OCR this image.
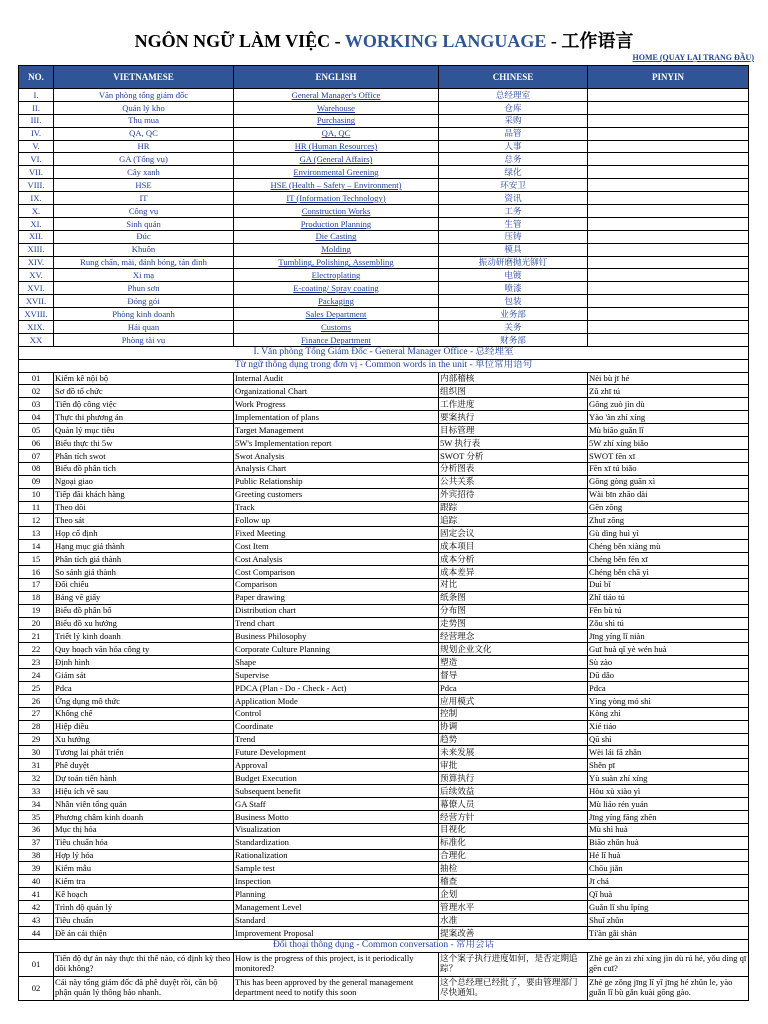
NGÔN NGỮ LÀM VIỆC - WORKING LANGUAGE - 工作语言
HOME (QUAY LẠI TRANG ĐẦU)
NO.	VIETNAMESE	ENGLISH	CHINESE	PINYIN
I.	Văn phòng tổng giám đốc	General Manager's Office	总经理室	
II.	Quản lý kho	Warehouse	仓库	
III.	Thu mua	Purchasing	采购	
IV.	QA, QC	QA, QC	品管	
V.	HR	HR (Human Resources)	人事	
VI.	GA (Tổng vụ)	GA (General Affairs)	总务	
VII.	Cây xanh	Environmental Greening	绿化	
VIII.	HSE	HSE (Health – Safety – Environment)	环安卫	
IX.	IT	IT (Information Technology)	资讯	
X.	Công vụ	Construction Works	工务	
XI.	Sinh quản	Production Planning	生管	
XII.	Đúc	Die Casting	压铸	
XIII.	Khuôn	Molding	模具	
XIV.	Rung chấn, mài, đánh bóng, tán đinh	Tumbling, Polishing, Assembling	振动研磨抛光铆钉	
XV.	Xi mạ	Electroplating	电镀	
XVI.	Phun sơn	E-coating/ Spray coating	喷漆	
XVII.	Đóng gói	Packaging	包装	
XVIII.	Phòng kinh doanh	Sales Department	业务部	
XIX.	Hải quan	Customs	关务	
XX	Phòng tài vụ	Finance Department	财务部	
I. Văn phòng Tổng Giám Đốc - General Manager Office - 总经理室				
Từ ngữ thông dụng trong đơn vị - Common words in the unit - 单位常用语句				
01	Kiểm kê nội bộ	Internal Audit	内部稽核	Nèi bù jī hé
02	Sơ đồ tổ chức	Organizational Chart	组织图	Zǔ zhī tú
03	Tiến độ công việc	Work Progress	工作进度	Gōng zuò jìn dù
04	Thực thi phương án	Implementation of plans	要案执行	Yào 'àn zhí xíng
05	Quản lý mục tiêu	Target Management	目标管理	Mù biāo guǎn lǐ
06	Biểu thực thi 5w	5W's Implementation report	5W 执行表	5W zhí xíng biǎo
07	Phân tích swot	Swot Analysis	SWOT 分析	SWOT fēn xī
08	Biểu đồ phân tích	Analysis Chart	分析图表	Fēn xī tú biǎo
09	Ngoại giao	Public Relationship	公共关系	Gōng gòng guān xì
10	Tiếp đãi khách hàng	Greeting customers	外宾招待	Wài bīn zhāo dài
11	Theo dõi	Track	跟踪	Gēn zōng
12	Theo sát	Follow up	追踪	Zhuī zōng
13	Họp cố định	Fixed Meeting	固定会议	Gù dìng huì yì
14	Hạng mục giá thành	Cost Item	成本项目	Chéng běn xiàng mù
15	Phân tích giá thành	Cost Analysis	成本分析	Chéng běn fēn xī
16	So sánh giá thành	Cost Comparison	成本差异	Chéng běn chā yì
17	Đối chiếu	Comparison	对比	Duì bǐ
18	Bảng vẽ giấy	Paper drawing	纸条图	Zhǐ tiáo tú
19	Biểu đồ phân bố	Distribution chart	分布图	Fēn bù tú
20	Biểu đồ xu hướng	Trend chart	走势图	Zǒu shì tú
21	Triết lý kinh doanh	Business Philosophy	经营理念	Jīng yíng lǐ niàn
22	Quy hoạch văn hóa công ty	Corporate Culture Planning	规划企业文化	Guī huà qǐ yè wén huà
23	Định hình	Shape	塑造	Sù zào
24	Giám sát	Supervise	督导	Dū dǎo
25	Pdca	PDCA (Plan - Do - Check - Act)	Pdca	Pdca
26	Ứng dụng mô thức	Application Mode	应用模式	Yìng yòng mó shì
27	Khống chế	Control	控制	Kòng zhì
28	Hiệp điều	Coordinate	协调	Xié tiáo
29	Xu hướng	Trend	趋势	Qū shì
30	Tương lai phát triển	Future Development	未来发展	Wèi lái fā zhǎn
31	Phê duyệt	Approval	审批	Shěn pī
32	Dự toán tiến hành	Budget Execution	预算执行	Yù suàn zhí xíng
33	Hiệu ích về sau	Subsequent benefit	后续效益	Hòu xù xiào yì
34	Nhân viên tổng quản	GA Staff	幕僚人员	Mù liáo rén yuán
35	Phương châm kinh doanh	Business Motto	经营方针	Jīng yíng fāng zhēn
36	Mục thị hóa	Visualization	目视化	Mù shì huà
37	Tiêu chuẩn hóa	Standardization	标准化	Biāo zhǔn huà
38	Hợp lý hóa	Rationalization	合理化	Hé lǐ huà
39	Kiểm mẫu	Sample test	抽检	Chōu jiǎn
40	Kiểm tra	Inspection	稽查	Jī chá
41	Kế hoạch	Planning	企划	Qǐ huà
42	Trình độ quản lý	Management Level	管理水平	Guǎn lǐ shu ǐpíng
43	Tiêu chuẩn	Standard	水准	Shuǐ zhǔn
44	Đề án cải thiện	Improvement Proposal	提案改善	Tí'àn gǎi shàn
Đối thoại thông dụng - Common conversation - 常用会话				
01	Tiến độ dự án này thực thi thế nào, có định kỳ theo dõi không?	How is the progress of this project, is it periodically monitored?	这个案子执行进度如何，是否定期追踪？	Zhè ge àn zi zhí xíng jìn dù rú hé, yǒu dìng qī gēn cuī?
02	Cái này tổng giám đốc đã phê duyệt rồi, cần bộ phận quản lý thông báo nhanh.	This has been approved by the general management department need to notify this soon	这个总经理已经批了，要由管理部门尽快通知。	Zhè ge zǒng jīng lǐ yǐ jīng hé zhǔn le, yào guǎn lǐ bù gǎn kuài gōng gào.
